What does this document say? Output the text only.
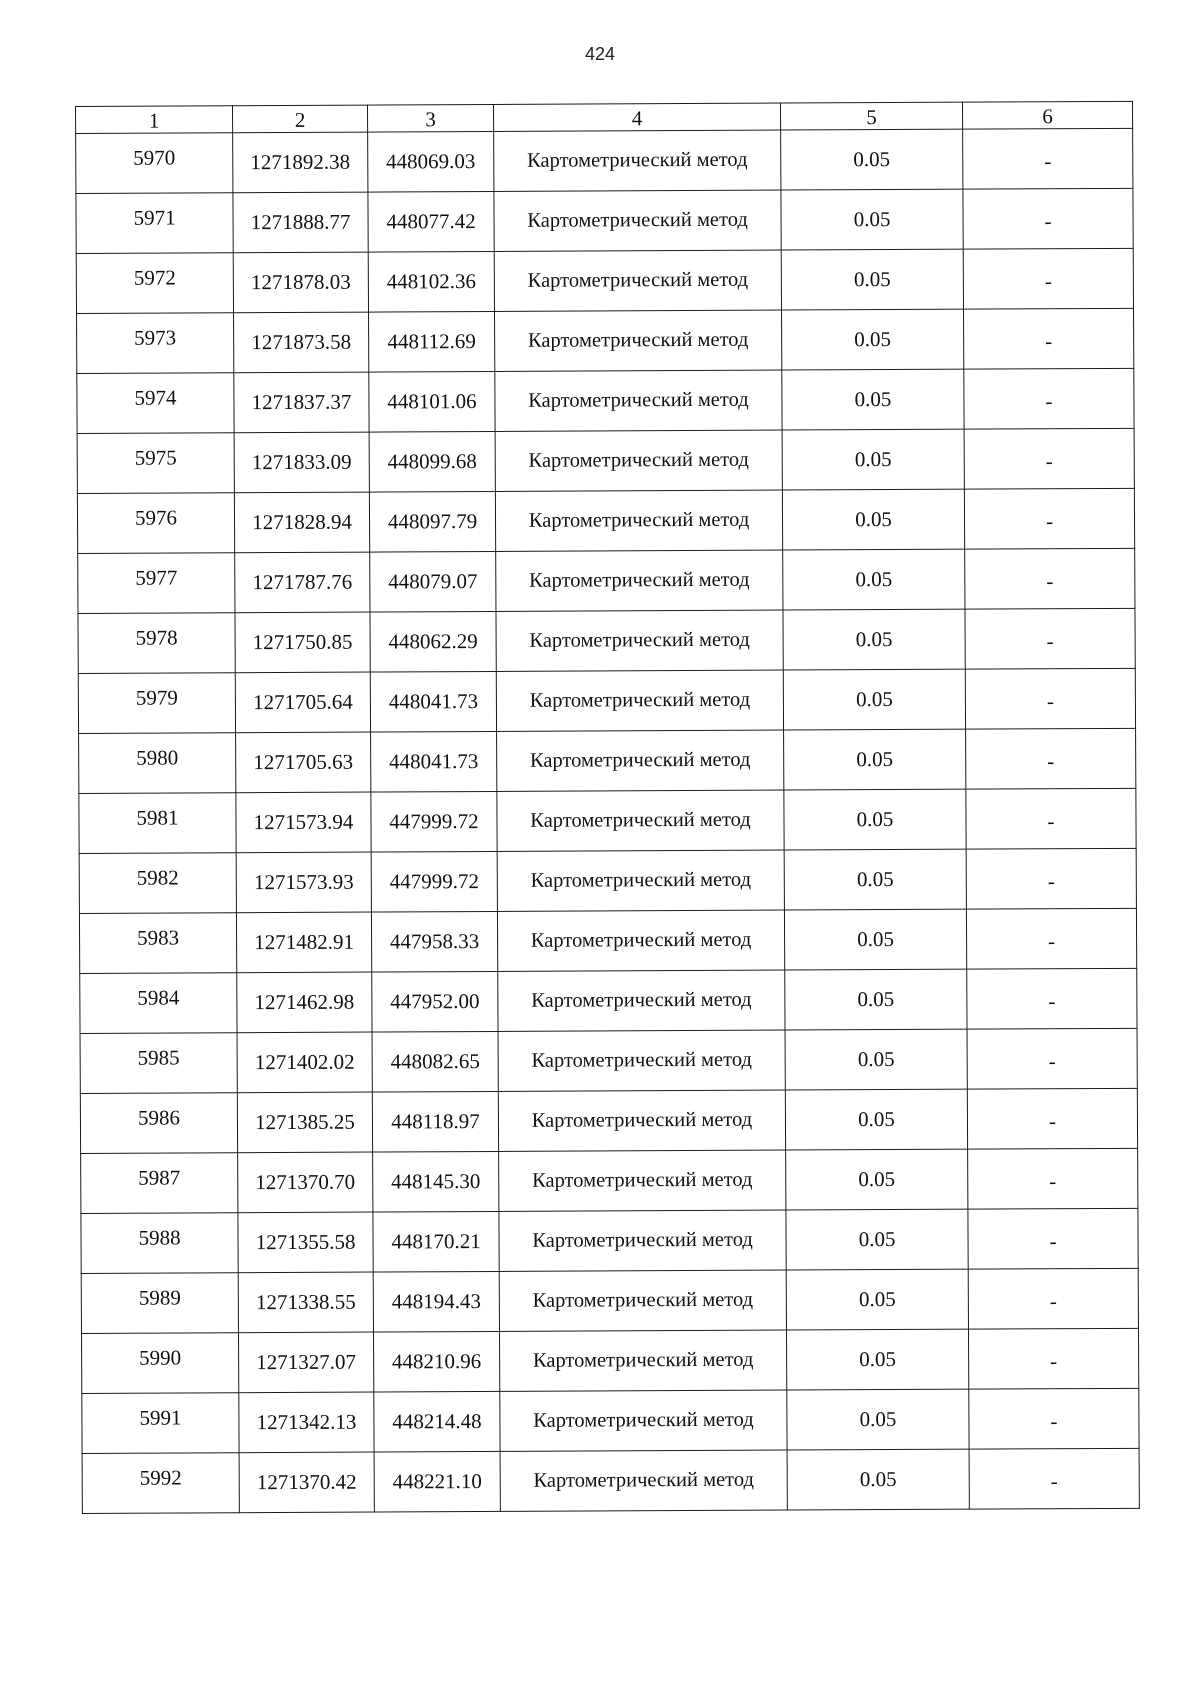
424
1	2	3	4	5	6
5970	1271892.38	448069.03	Картометрический метод	0.05	-
5971	1271888.77	448077.42	Картометрический метод	0.05	-
5972	1271878.03	448102.36	Картометрический метод	0.05	-
5973	1271873.58	448112.69	Картометрический метод	0.05	-
5974	1271837.37	448101.06	Картометрический метод	0.05	-
5975	1271833.09	448099.68	Картометрический метод	0.05	-
5976	1271828.94	448097.79	Картометрический метод	0.05	-
5977	1271787.76	448079.07	Картометрический метод	0.05	-
5978	1271750.85	448062.29	Картометрический метод	0.05	-
5979	1271705.64	448041.73	Картометрический метод	0.05	-
5980	1271705.63	448041.73	Картометрический метод	0.05	-
5981	1271573.94	447999.72	Картометрический метод	0.05	-
5982	1271573.93	447999.72	Картометрический метод	0.05	-
5983	1271482.91	447958.33	Картометрический метод	0.05	-
5984	1271462.98	447952.00	Картометрический метод	0.05	-
5985	1271402.02	448082.65	Картометрический метод	0.05	-
5986	1271385.25	448118.97	Картометрический метод	0.05	-
5987	1271370.70	448145.30	Картометрический метод	0.05	-
5988	1271355.58	448170.21	Картометрический метод	0.05	-
5989	1271338.55	448194.43	Картометрический метод	0.05	-
5990	1271327.07	448210.96	Картометрический метод	0.05	-
5991	1271342.13	448214.48	Картометрический метод	0.05	-
5992	1271370.42	448221.10	Картометрический метод	0.05	-
